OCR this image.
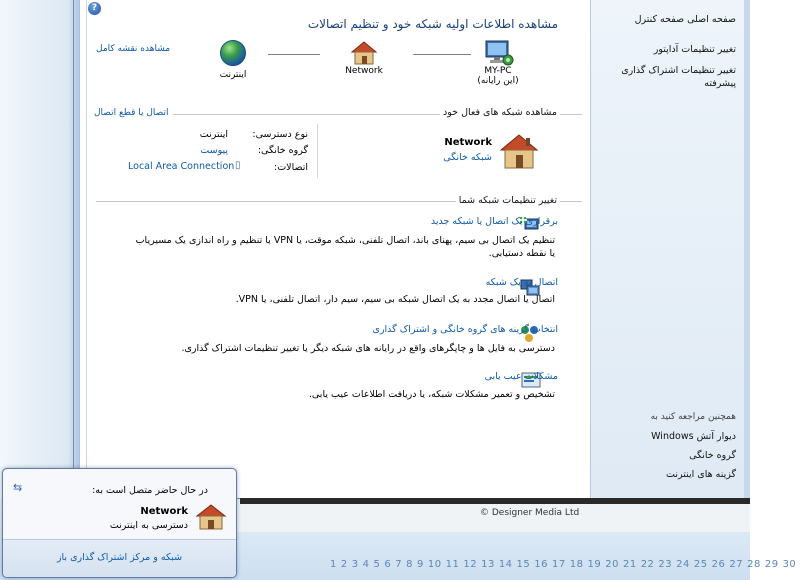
© Designer Media Ltd
1 2 3 4 5 6 7 8 9 10 11 12 13 14 15 16 17 18 19 20 21 22 23 24 25 26 27 28 29 30
?
مشاهده اطلاعات اولیه شبکه خود و تنظیم اتصالات
مشاهده نقشه کامل
MY-PC
(این رایانه)
Network
اینترنت
مشاهده شبکه های فعال خود
اتصال یا قطع اتصال
Network
شبکه خانگی
نوع دسترسی:
اینترنت
گروه خانگی:
پیوست
اتصالات:
Local Area Connection ▯
تغییر تنظیمات شبکه شما
برقراری یک اتصال یا شبکه جدید
تنظیم یک اتصال بی سیم، پهنای باند، اتصال تلفنی، شبکه موقت، یا VPN یا تنظیم و راه اندازی یک مسیریاب یا نقطه دستیابی.
اتصال به یک شبکه
اتصال یا اتصال مجدد به یک اتصال شبکه بی سیم، سیم دار، اتصال تلفنی، یا VPN.
انتخاب گزینه های گروه خانگی و اشتراک گذاری
دسترسی به فایل ها و چاپگرهای واقع در رایانه های شبکه دیگر یا تغییر تنظیمات اشتراک گذاری.
مشکلات عیب یابی
تشخیص و تعمیر مشکلات شبکه، یا دریافت اطلاعات عیب یابی.
صفحه اصلی صفحه کنترل
تغییر تنظیمات آداپتور
تغییر تنظیمات اشتراک گذاری پیشرفته
همچنین مراجعه کنید به
دیوار آتش Windows
گروه خانگی
گزینه های اینترنت
⇆	در حال حاضر متصل است به:
Network
دسترسی به اینترنت
شبکه و مرکز اشتراک گذاری باز
